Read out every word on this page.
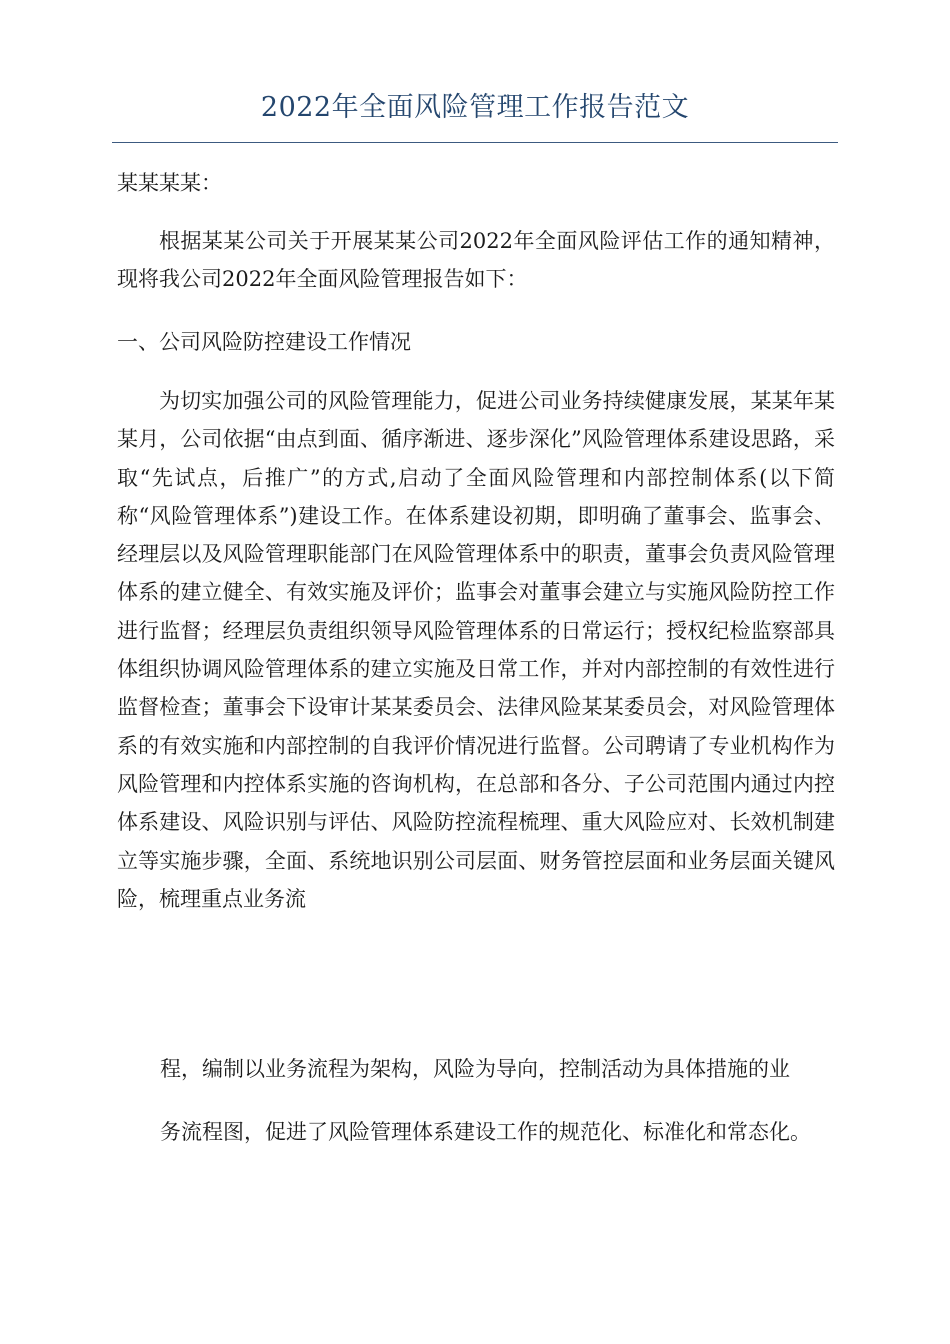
2022年全面风险管理工作报告范文
某某某某：

根据某某公司关于开展某某公司2022年全面风险评估工作的通知精神，现将我公司2022年全面风险管理报告如下：

一、公司风险防控建设工作情况

为切实加强公司的风险管理能力，促进公司业务持续健康发展，某某年某某月，公司依据“由点到面、循序渐进、逐步深化”风险管理体系建设思路，采取“先试点，后推广”的方式,启动了全面风险管理和内部控制体系(以下简称“风险管理体系”)建设工作。在体系建设初期，即明确了董事会、监事会、经理层以及风险管理职能部门在风险管理体系中的职责，董事会负责风险管理体系的建立健全、有效实施及评价；监事会对董事会建立与实施风险防控工作进行监督；经理层负责组织领导风险管理体系的日常运行；授权纪检监察部具体组织协调风险管理体系的建立实施及日常工作，并对内部控制的有效性进行监督检查；董事会下设审计某某委员会、法律风险某某委员会，对风险管理体系的有效实施和内部控制的自我评价情况进行监督。公司聘请了专业机构作为风险管理和内控体系实施的咨询机构，在总部和各分、子公司范围内通过内控体系建设、风险识别与评估、风险防控流程梳理、重大风险应对、长效机制建立等实施步骤，全面、系统地识别公司层面、财务管控层面和业务层面关键风险，梳理重点业务流

程，编制以业务流程为架构，风险为导向，控制活动为具体措施的业
务流程图，促进了风险管理体系建设工作的规范化、标准化和常态化。
